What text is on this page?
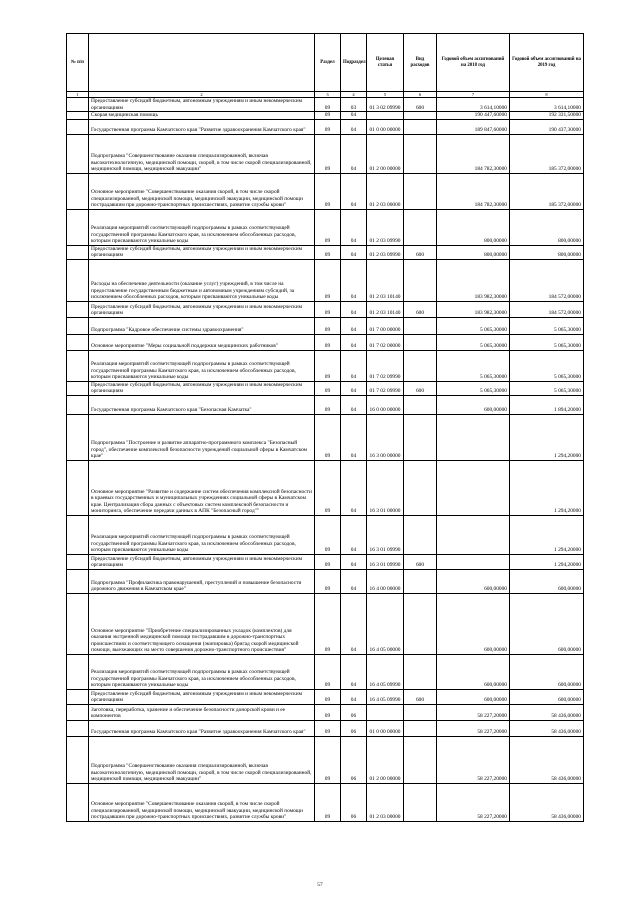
№ п/п		Раздел	Подраздел	Целевая статья	Вид расходов	Годовой объем ассигнований на 2018 год	Годовой объем ассигнований на 2019 год
1	2	3	4	5	6	7	8
	Предоставление субсидий бюджетным, автономным учреждениям и иным некоммерческим организациям	09	03	01 3 02 09990	600	3 614,10000	3 614,10000
	Скорая медицинская помощь	09	04			190 447,60000	192 331,50000
	Государственная программа Камчатского края "Развитие здравоохранения Камчатского края"	09	04	01 0 00 00000		189 847,60000	190 437,30000
	Подпрограмма "Совершенствование оказания специализированной, включая высокотехнологичную, медицинской помощи, скорой, в том числе скорой специализированной, медицинской помощи, медицинской эвакуации"	09	04	01 2 00 00000		184 782,30000	185 372,00000
	Основное мероприятие "Совершенствование оказания скорой, в том числе скорой специализированной, медицинской помощи, медицинской эвакуации, медицинской помощи пострадавшим при дорожно-транспортных происшествиях, развитие службы крови"	09	04	01 2 03 00000		184 782,30000	185 372,00000
	Реализация мероприятий соответствующей подпрограммы в рамках соответствующей государственной программы Камчатского края, за исключением обособленных расходов, которым присваиваются уникальные коды	09	04	01 2 03 09990		800,00000	800,00000
	Предоставление субсидий бюджетным, автономным учреждениям и иным некоммерческим организациям	09	04	01 2 03 09990	600	800,00000	800,00000
	Расходы на обеспечение деятельности (оказание услуг) учреждений, в том числе на предоставление государственным бюджетным и автономным учреждениям субсидий, за исключением обособленных расходов, которым присваиваются уникальные коды	09	04	01 2 03 10140		183 982,30000	184 572,00000
	Предоставление субсидий бюджетным, автономным учреждениям и иным некоммерческим организациям	09	04	01 2 03 10140	600	183 982,30000	184 572,00000
	Подпрограмма "Кадровое обеспечение системы здравоохранения"	09	04	01 7 00 00000		5 065,30000	5 065,30000
	Основное мероприятие "Меры социальной поддержки медицинских работников"	09	04	01 7 02 00000		5 065,30000	5 065,30000
	Реализация мероприятий соответствующей подпрограммы в рамках соответствующей государственной программы Камчатского края, за исключением обособленных расходов, которым присваиваются уникальные коды	09	04	01 7 02 09990		5 065,30000	5 065,30000
	Предоставление субсидий бюджетным, автономным учреждениям и иным некоммерческим организациям	09	04	01 7 02 09990	600	5 065,30000	5 065,30000
	Государственная программа Камчатского края "Безопасная Камчатка"	09	04	16 0 00 00000		600,00000	1 894,20000
	Подпрограмма "Построение и развитие аппаратно-программного комплекса "Безопасный город", обеспечение комплексной безопасности учреждений социальной сферы в Камчатском крае"	09	04	16 3 00 00000			1 294,20000
	Основное мероприятие "Развитие и содержание систем обеспечения комплексной безопасности в краевых государственных и муниципальных учреждениях социальной сферы в Камчатском крае. Централизация сбора данных с объектовых систем комплексной безопасности и мониторинга, обеспечение передачи данных в АПК "Безопасный город""	09	04	16 3 01 00000			1 294,20000
	Реализация мероприятий соответствующей подпрограммы в рамках соответствующей государственной программы Камчатского края, за исключением обособленных расходов, которым присваиваются уникальные коды	09	04	16 3 01 09990			1 294,20000
	Предоставление субсидий бюджетным, автономным учреждениям и иным некоммерческим организациям	09	04	16 3 01 09990	600		1 294,20000
	Подпрограмма "Профилактика правонарушений, преступлений и повышение безопасности дорожного движения в Камчатском крае"	09	04	16 4 00 00000		600,00000	600,00000
	Основное мероприятие "Приобретение специализированных укладок (комплектов) для оказания экстренной медицинской помощи пострадавшим в дорожно-транспортных происшествиях и соответствующего оснащения (экипировка) бригад скорой медицинской помощи, выезжающих на место совершения дорожно-транспортного происшествия"	09	04	16 4 05 00000		600,00000	600,00000
	Реализация мероприятий соответствующей подпрограммы в рамках соответствующей государственной программы Камчатского края, за исключением обособленных расходов, которым присваиваются уникальные коды	09	04	16 4 05 09990		600,00000	600,00000
	Предоставление субсидий бюджетным, автономным учреждениям и иным некоммерческим организациям	09	04	16 4 05 09990	600	600,00000	600,00000
	Заготовка, переработка, хранение и обеспечение безопасности донорской крови и ее компонентов	09	06			58 227,20000	58 436,00000
	Государственная программа Камчатского края "Развитие здравоохранения Камчатского края"	09	06	01 0 00 00000		58 227,20000	58 436,00000
	Подпрограмма "Совершенствование оказания специализированной, включая высокотехнологичную, медицинской помощи, скорой, в том числе скорой специализированной, медицинской помощи, медицинской эвакуации"	09	06	01 2 00 00000		58 227,20000	58 436,00000
	Основное мероприятие "Совершенствование оказания скорой, в том числе скорой специализированной, медицинской помощи, медицинской эвакуации, медицинской помощи пострадавшим при дорожно-транспортных происшествиях, развитие службы крови"	09	06	01 2 03 00000		58 227,20000	58 436,00000
57
